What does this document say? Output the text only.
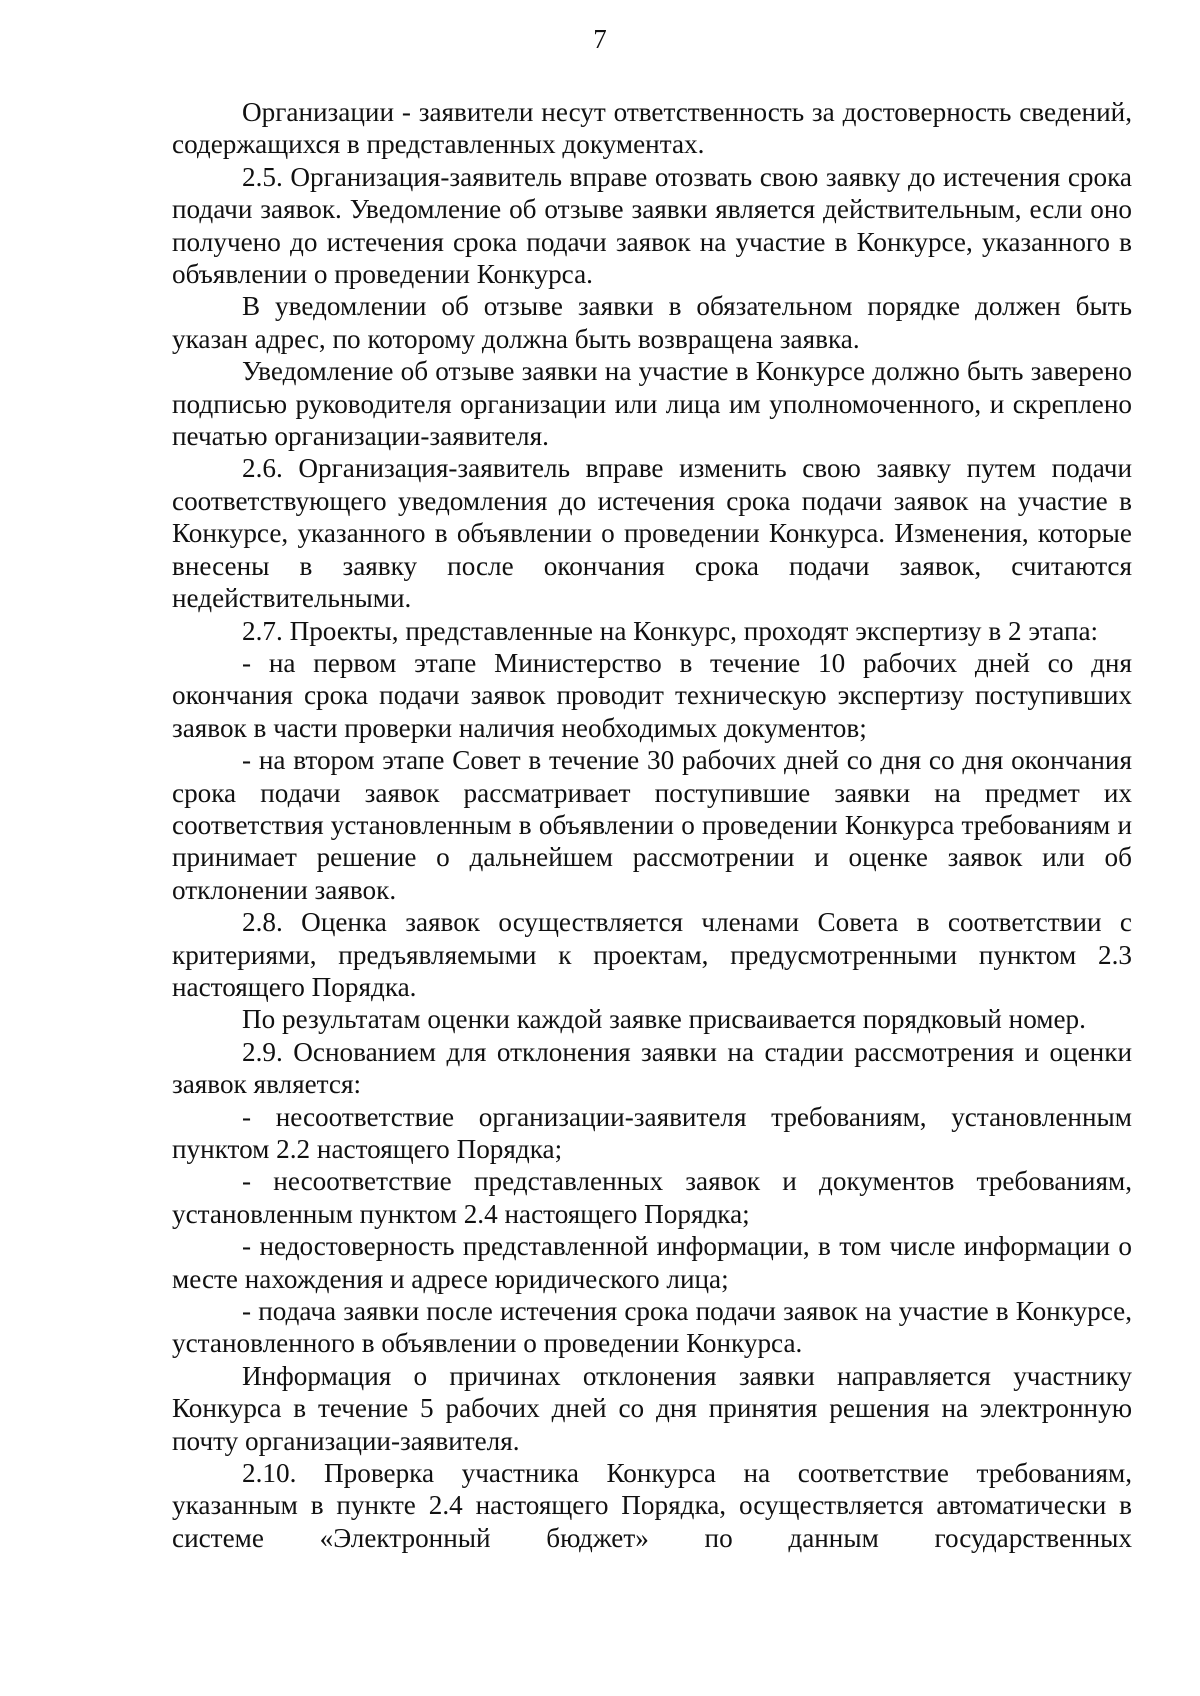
7

Организации - заявители несут ответственность за достоверность сведений, содержащихся в представленных документах.

2.5. Организация-заявитель вправе отозвать свою заявку до истечения срока подачи заявок. Уведомление об отзыве заявки является действительным, если оно получено до истечения срока подачи заявок на участие в Конкурсе, указанного в объявлении о проведении Конкурса.

В уведомлении об отзыве заявки в обязательном порядке должен быть указан адрес, по которому должна быть возвращена заявка.

Уведомление об отзыве заявки на участие в Конкурсе должно быть заверено подписью руководителя организации или лица им уполномоченного, и скреплено печатью организации-заявителя.

2.6. Организация-заявитель вправе изменить свою заявку путем подачи соответствующего уведомления до истечения срока подачи заявок на участие в Конкурсе, указанного в объявлении о проведении Конкурса. Изменения, которые внесены в заявку после окончания срока подачи заявок, считаются недействительными.

2.7. Проекты, представленные на Конкурс, проходят экспертизу в 2 этапа:

- на первом этапе Министерство в течение 10 рабочих дней со дня окончания срока подачи заявок проводит техническую экспертизу поступивших заявок в части проверки наличия необходимых документов;

- на втором этапе Совет в течение 30 рабочих дней со дня со дня окончания срока подачи заявок рассматривает поступившие заявки на предмет их соответствия установленным в объявлении о проведении Конкурса требованиям и принимает решение о дальнейшем рассмотрении и оценке заявок или об отклонении заявок.

2.8. Оценка заявок осуществляется членами Совета в соответствии с критериями, предъявляемыми к проектам, предусмотренными пунктом 2.3 настоящего Порядка.

По результатам оценки каждой заявке присваивается порядковый номер.

2.9. Основанием для отклонения заявки на стадии рассмотрения и оценки заявок является:

- несоответствие организации-заявителя требованиям, установленным пунктом 2.2 настоящего Порядка;

- несоответствие представленных заявок и документов требованиям, установленным пунктом 2.4 настоящего Порядка;

- недостоверность представленной информации, в том числе информации о месте нахождения и адресе юридического лица;

- подача заявки после истечения срока подачи заявок на участие в Конкурсе, установленного в объявлении о проведении Конкурса.

Информация о причинах отклонения заявки направляется участнику Конкурса в течение 5 рабочих дней со дня принятия решения на электронную почту организации-заявителя.

2.10. Проверка участника Конкурса на соответствие требованиям, указанным в пункте 2.4 настоящего Порядка, осуществляется автоматически в системе «Электронный бюджет» по данным государственных
